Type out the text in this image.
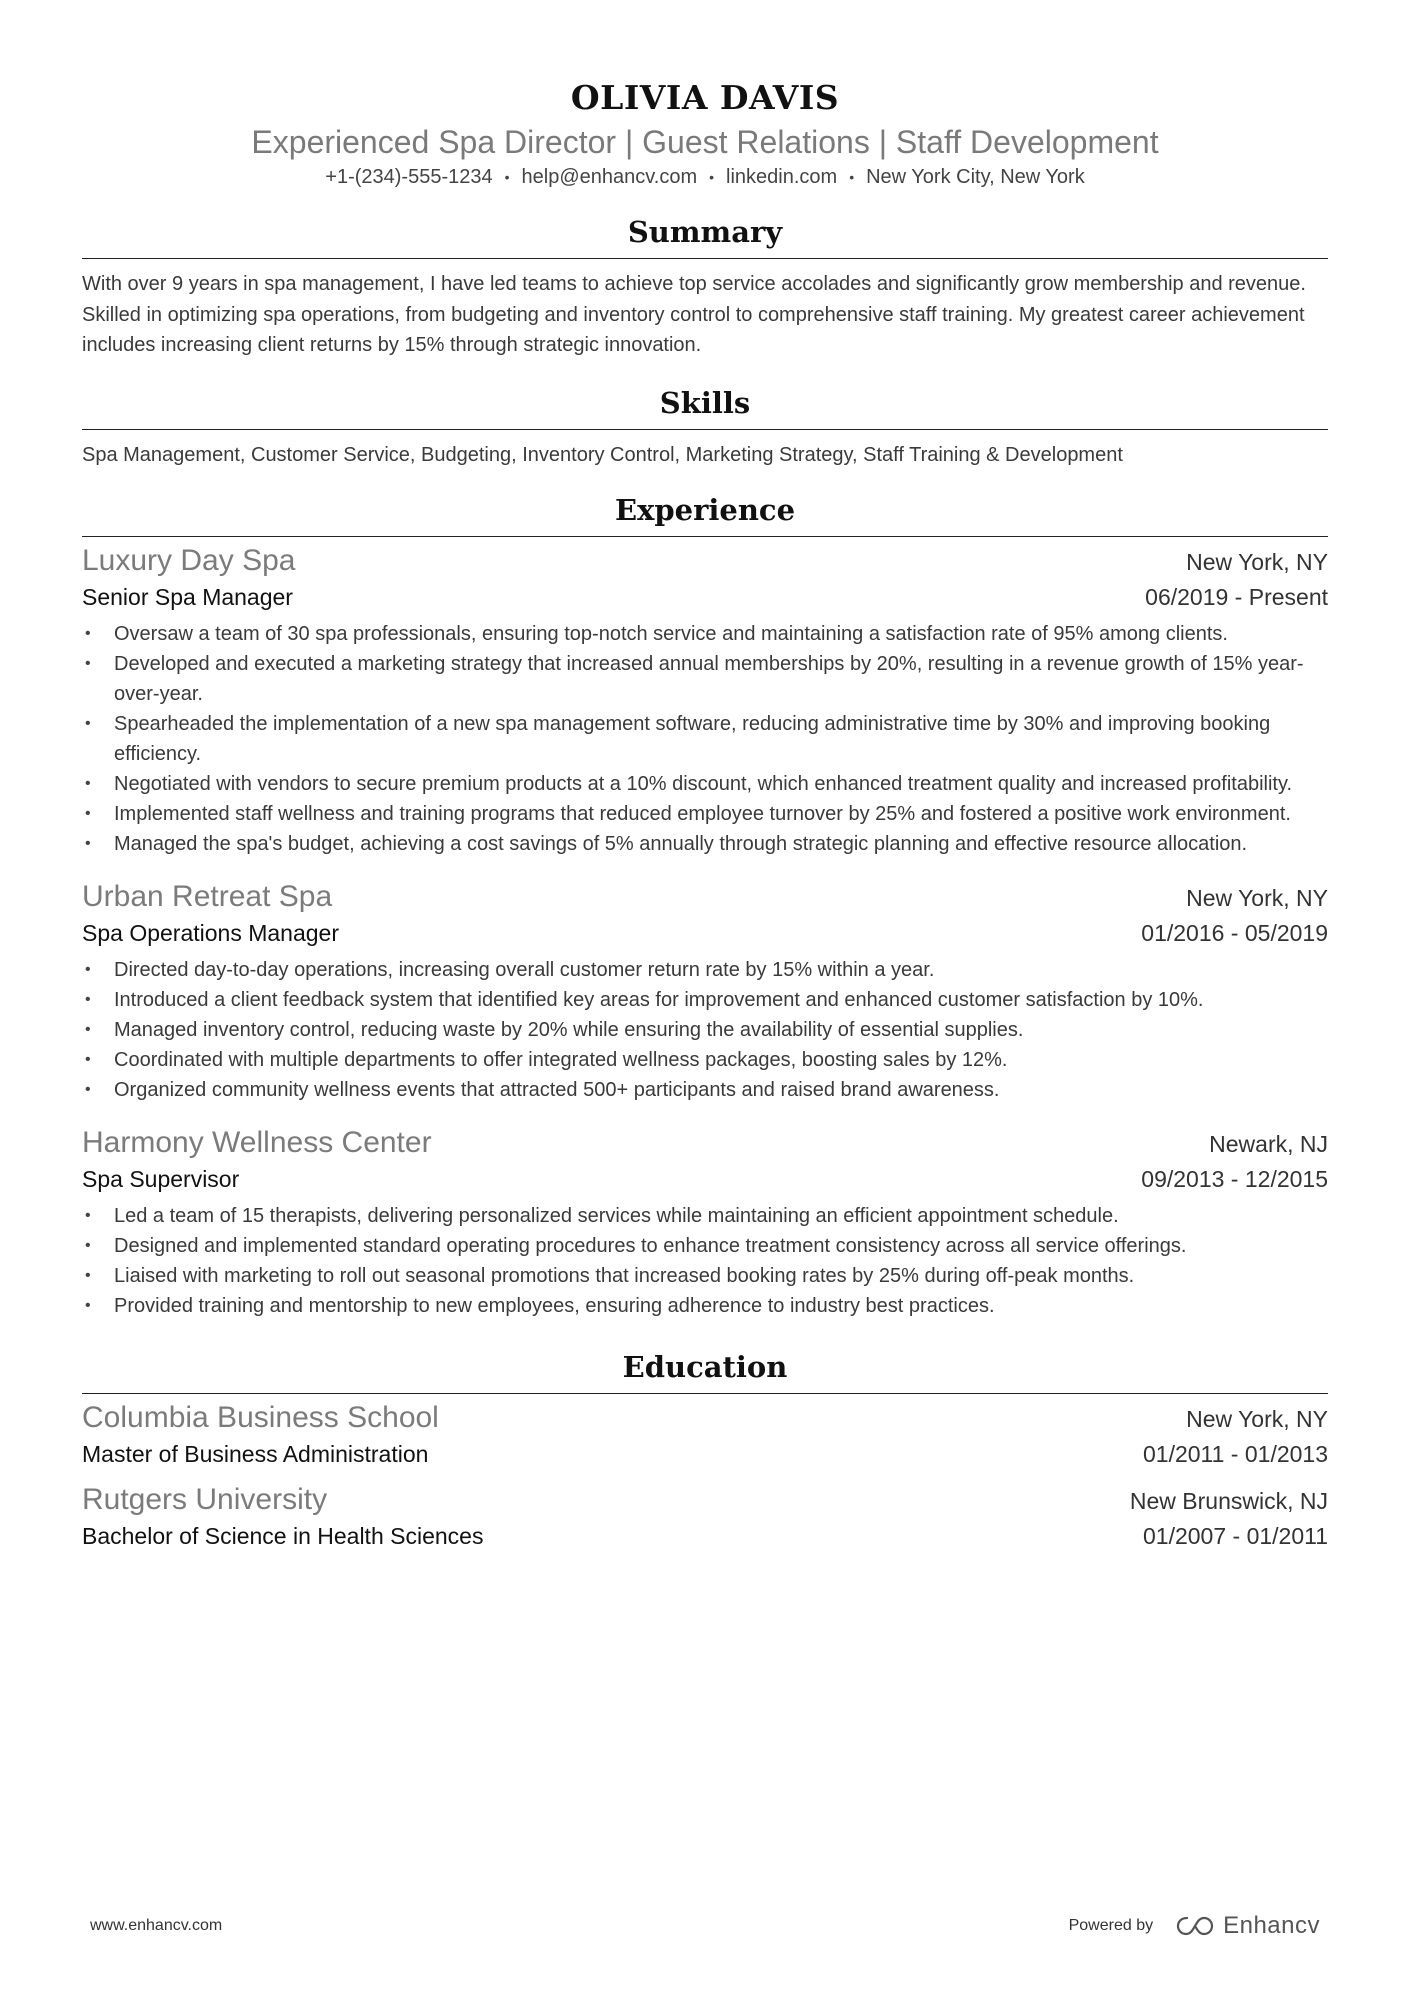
OLIVIA DAVIS
Experienced Spa Director | Guest Relations | Staff Development
+1-(234)-555-1234 • help@enhancv.com • linkedin.com • New York City, New York
Summary
With over 9 years in spa management, I have led teams to achieve top service accolades and significantly grow membership and revenue. Skilled in optimizing spa operations, from budgeting and inventory control to comprehensive staff training. My greatest career achievement includes increasing client returns by 15% through strategic innovation.
Skills
Spa Management, Customer Service, Budgeting, Inventory Control, Marketing Strategy, Staff Training & Development
Experience
Luxury Day Spa	New York, NY
Senior Spa Manager	06/2019 - Present
• Oversaw a team of 30 spa professionals, ensuring top-notch service and maintaining a satisfaction rate of 95% among clients.
• Developed and executed a marketing strategy that increased annual memberships by 20%, resulting in a revenue growth of 15% year-over-year.
• Spearheaded the implementation of a new spa management software, reducing administrative time by 30% and improving booking efficiency.
• Negotiated with vendors to secure premium products at a 10% discount, which enhanced treatment quality and increased profitability.
• Implemented staff wellness and training programs that reduced employee turnover by 25% and fostered a positive work environment.
• Managed the spa's budget, achieving a cost savings of 5% annually through strategic planning and effective resource allocation.
Urban Retreat Spa	New York, NY
Spa Operations Manager	01/2016 - 05/2019
• Directed day-to-day operations, increasing overall customer return rate by 15% within a year.
• Introduced a client feedback system that identified key areas for improvement and enhanced customer satisfaction by 10%.
• Managed inventory control, reducing waste by 20% while ensuring the availability of essential supplies.
• Coordinated with multiple departments to offer integrated wellness packages, boosting sales by 12%.
• Organized community wellness events that attracted 500+ participants and raised brand awareness.
Harmony Wellness Center	Newark, NJ
Spa Supervisor	09/2013 - 12/2015
• Led a team of 15 therapists, delivering personalized services while maintaining an efficient appointment schedule.
• Designed and implemented standard operating procedures to enhance treatment consistency across all service offerings.
• Liaised with marketing to roll out seasonal promotions that increased booking rates by 25% during off-peak months.
• Provided training and mentorship to new employees, ensuring adherence to industry best practices.
Education
Columbia Business School	New York, NY
Master of Business Administration	01/2011 - 01/2013
Rutgers University	New Brunswick, NJ
Bachelor of Science in Health Sciences	01/2007 - 01/2011
www.enhancv.com	Powered by	Enhancv
